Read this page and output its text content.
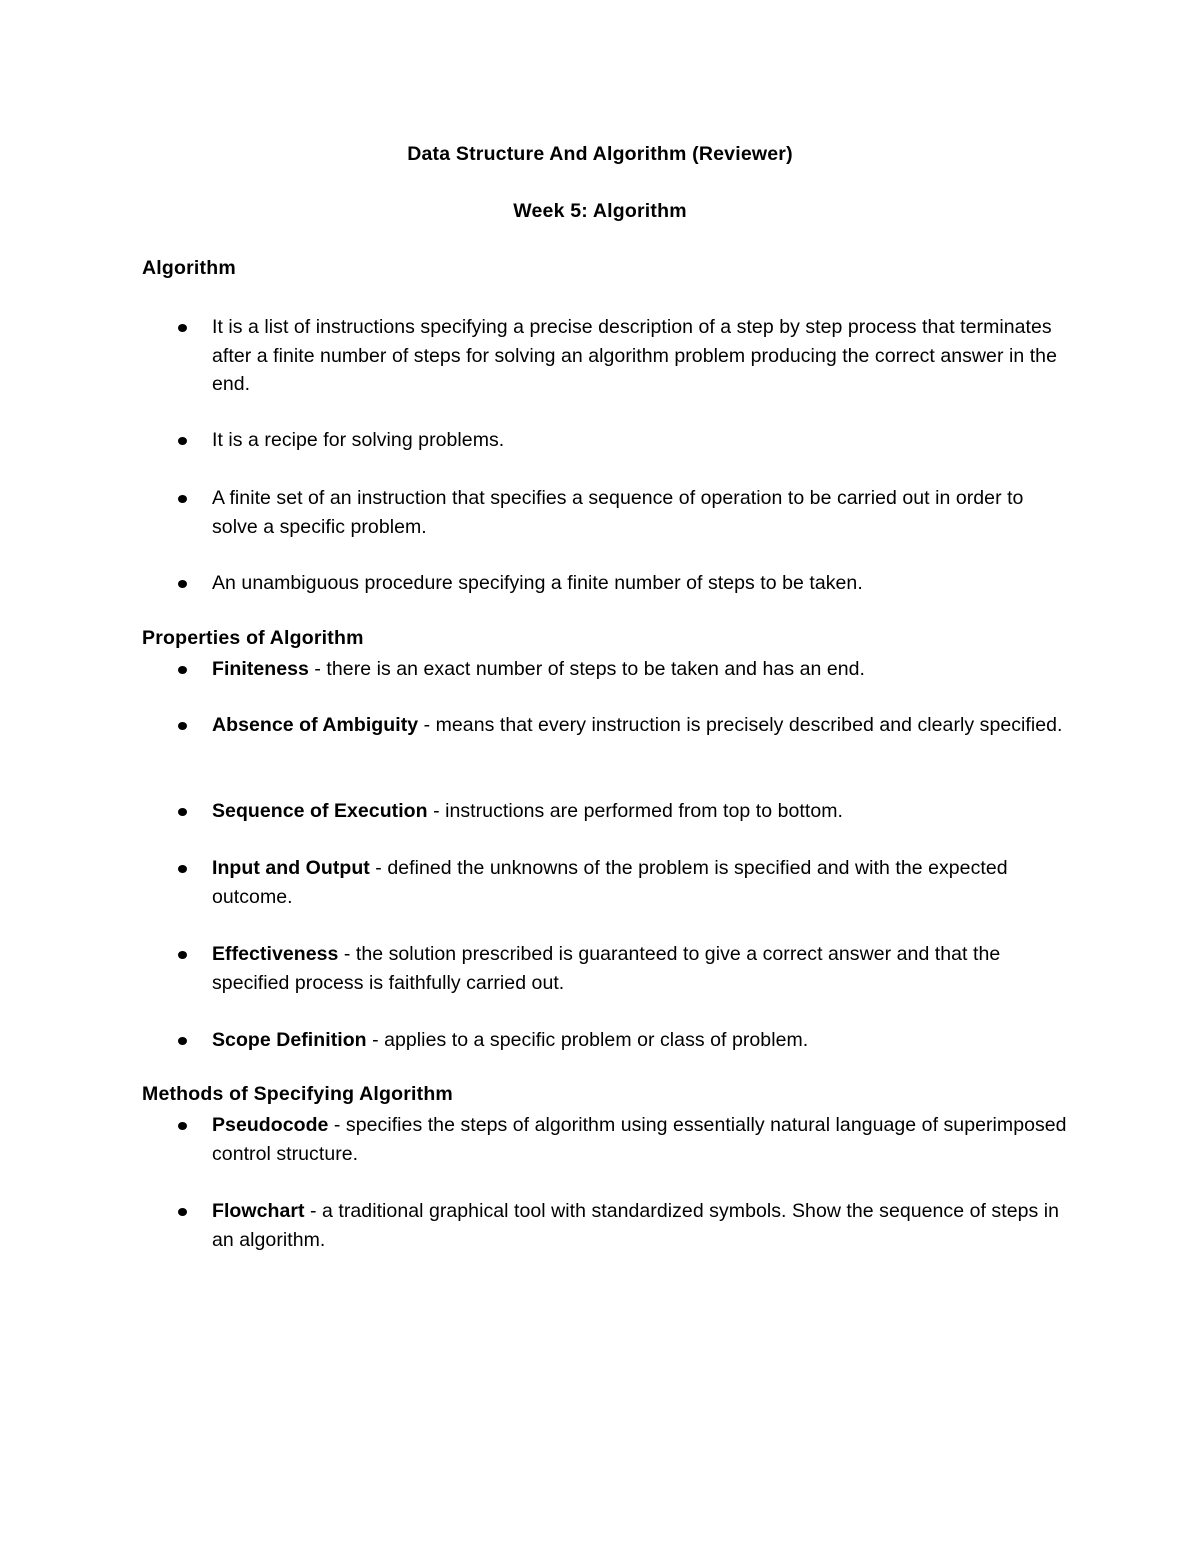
Data Structure And Algorithm (Reviewer)
Week 5: Algorithm
Algorithm
It is a list of instructions specifying a precise description of a step by step process that terminates after a finite number of steps for solving an algorithm problem producing the correct answer in the end.
It is a recipe for solving problems.
A finite set of an instruction that specifies a sequence of operation to be carried out in order to solve a specific problem.
An unambiguous procedure specifying a finite number of steps to be taken.
Properties of Algorithm
Finiteness - there is an exact number of steps to be taken and has an end.
Absence of Ambiguity - means that every instruction is precisely described and clearly specified.
Sequence of Execution - instructions are performed from top to bottom.
Input and Output - defined the unknowns of the problem is specified and with the expected outcome.
Effectiveness - the solution prescribed is guaranteed to give a correct answer and that the specified process is faithfully carried out.
Scope Definition - applies to a specific problem or class of problem.
Methods of Specifying Algorithm
Pseudocode - specifies the steps of algorithm using essentially natural language of superimposed control structure.
Flowchart - a traditional graphical tool with standardized symbols. Show the sequence of steps in an algorithm.
